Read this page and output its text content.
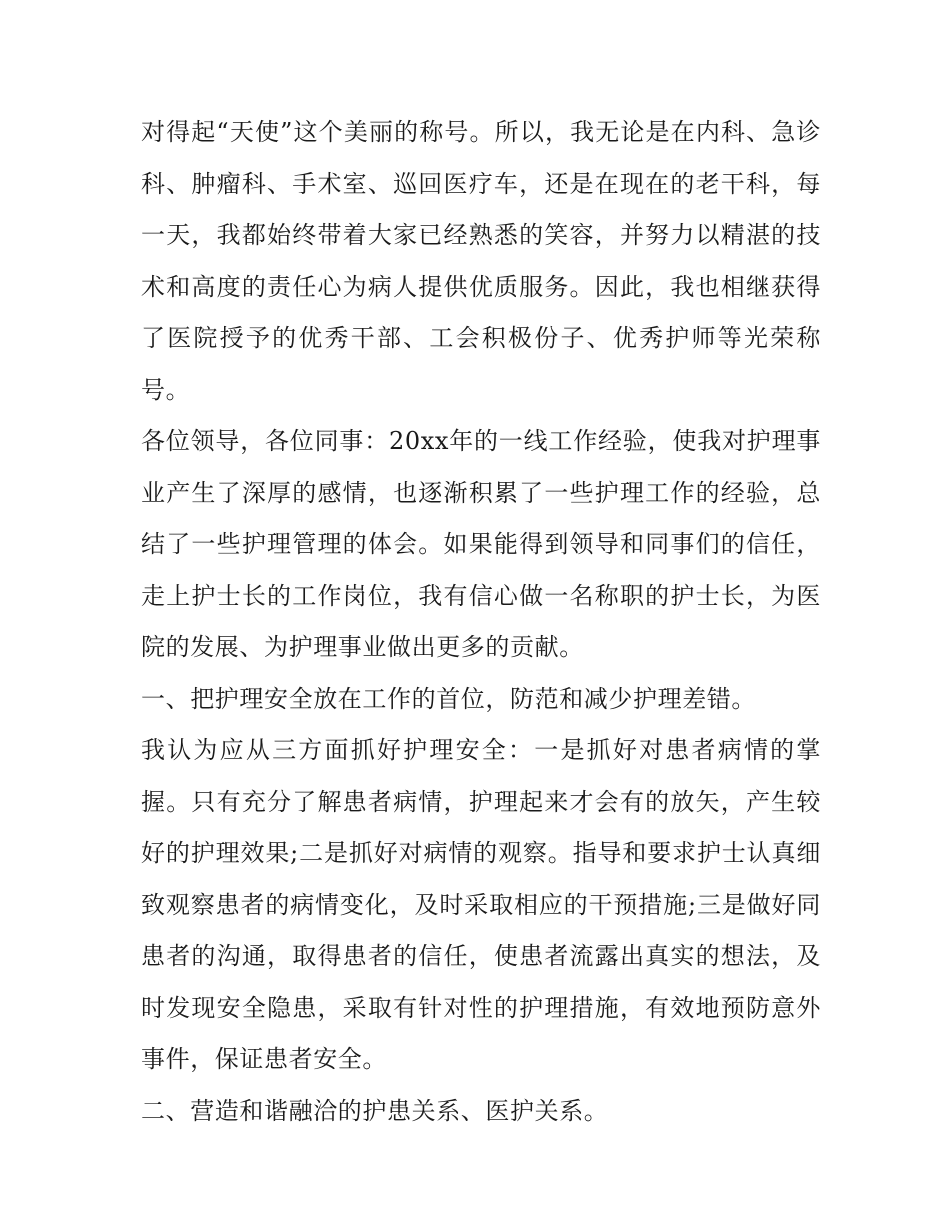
对得起“天使”这个美丽的称号。所以，我无论是在内科、急诊科、肿瘤科、手术室、巡回医疗车，还是在现在的老干科，每一天，我都始终带着大家已经熟悉的笑容，并努力以精湛的技术和高度的责任心为病人提供优质服务。因此，我也相继获得了医院授予的优秀干部、工会积极份子、优秀护师等光荣称号。

各位领导，各位同事：20xx年的一线工作经验，使我对护理事业产生了深厚的感情，也逐渐积累了一些护理工作的经验，总结了一些护理管理的体会。如果能得到领导和同事们的信任，走上护士长的工作岗位，我有信心做一名称职的护士长，为医院的发展、为护理事业做出更多的贡献。

一、把护理安全放在工作的首位，防范和减少护理差错。

我认为应从三方面抓好护理安全：一是抓好对患者病情的掌握。只有充分了解患者病情，护理起来才会有的放矢，产生较好的护理效果;二是抓好对病情的观察。指导和要求护士认真细致观察患者的病情变化，及时采取相应的干预措施;三是做好同患者的沟通，取得患者的信任，使患者流露出真实的想法，及时发现安全隐患，采取有针对性的护理措施，有效地预防意外事件，保证患者安全。

二、营造和谐融洽的护患关系、医护关系。
